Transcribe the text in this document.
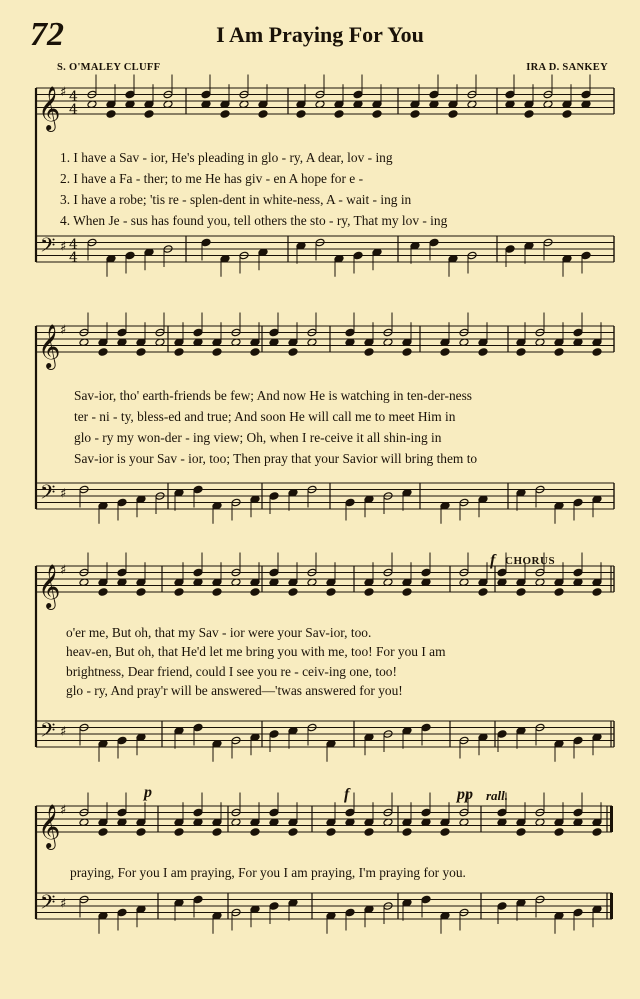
72	I Am Praying For You
S. O'MALEY CLUFF	IRA D. SANKEY
𝄞 ♯ 4
4
𝄢 ♯ 4
4
𝄞 ♯
𝄢 ♯
𝄞 ♯
𝄢 ♯
𝄞 ♯
𝄢 ♯
1. I have a Sav - ior, He's pleading in glo - ry, A dear, lov - ing
2. I have a Fa - ther; to me He has giv - en A hope for e -
3. I have a robe; 'tis re - splen-dent in white-ness, A - wait - ing in
4. When Je - sus has found you, tell others the sto - ry, That my lov - ing
Sav-ior, tho' earth-friends be few; And now He is watching in ten-der-ness
ter - ni - ty, bless-ed and true; And soon He will call me to meet Him in
glo - ry my won-der - ing view; Oh, when I re-ceive it all shin-ing in
Sav-ior is your Sav - ior, too; Then pray that your Savior will bring them to
o'er me, But oh, that my Sav - ior were your Sav-ior, too.
heav-en, But oh, that He'd let me bring you with me, too! For you I am
brightness, Dear friend, could I see you re - ceiv-ing one, too!
glo - ry, And pray'r will be answered—'twas answered for you!
praying, For you I am praying, For you I am praying, I'm praying for you.
f CHORUS
p	f	pp rall.
